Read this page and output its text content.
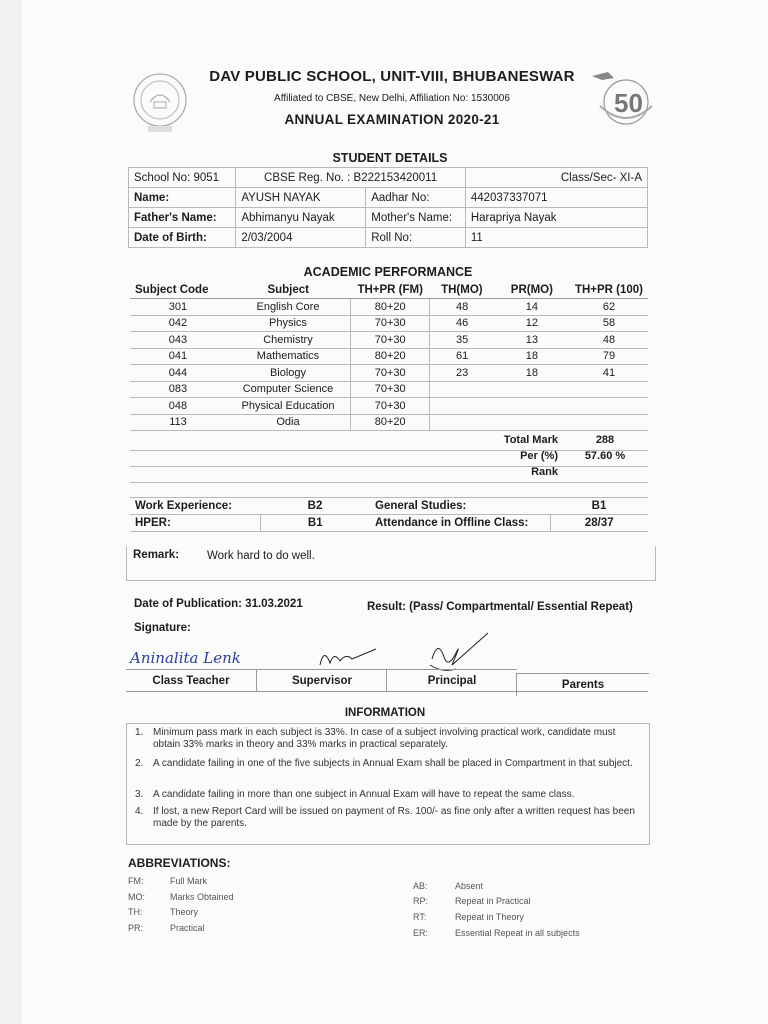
50
DAV PUBLIC SCHOOL, UNIT-VIII, BHUBANESWAR
Affiliated to CBSE, New Delhi, Affiliation No: 1530006
ANNUAL EXAMINATION 2020-21
STUDENT DETAILS
School No: 9051	CBSE Reg. No. : B222153420011		Class/Sec- XI-A
Name:	AYUSH NAYAK	Aadhar No:	442037337071
Father's Name:	Abhimanyu Nayak	Mother's Name:	Harapriya Nayak
Date of Birth:	2/03/2004	Roll No:	11
ACADEMIC PERFORMANCE
Subject Code	Subject	TH+PR (FM)	TH(MO)	PR(MO)	TH+PR (100)
301	English Core	80+20	48	14	62
042	Physics	70+30	46	12	58
043	Chemistry	70+30	35	13	48
041	Mathematics	80+20	61	18	79
044	Biology	70+30	23	18	41
083	Computer Science	70+30			
048	Physical Education	70+30			
113	Odia	80+20			
Total Mark	288
Per (%)	57.60 %
Rank
Work Experience:	B2	General Studies:	B1
HPER:	B1	Attendance in Offline Class:	28/37
Remark: Work hard to do well.
Date of Publication: 31.03.2021	Result: (Pass/ Compartmental/ Essential Repeat)
Signature:
Aninalita Lenk
Class Teacher	Supervisor	Principal	Parents
INFORMATION
1. Minimum pass mark in each subject is 33%. In case of a subject involving practical work, candidate must obtain 33% marks in theory and 33% marks in practical separately.
2. A candidate failing in one of the five subjects in Annual Exam shall be placed in Compartment in that subject.
3. A candidate failing in more than one subject in Annual Exam will have to repeat the same class.
4. If lost, a new Report Card will be issued on payment of Rs. 100/- as fine only after a written request has been made by the parents.
ABBREVIATIONS:
FM:	Full Mark
MO:	Marks Obtained
TH:	Theory
PR:	Practical
AB:	Absent
RP:	Repeat in Practical
RT:	Repeat in Theory
ER:	Essential Repeat in all subjects
